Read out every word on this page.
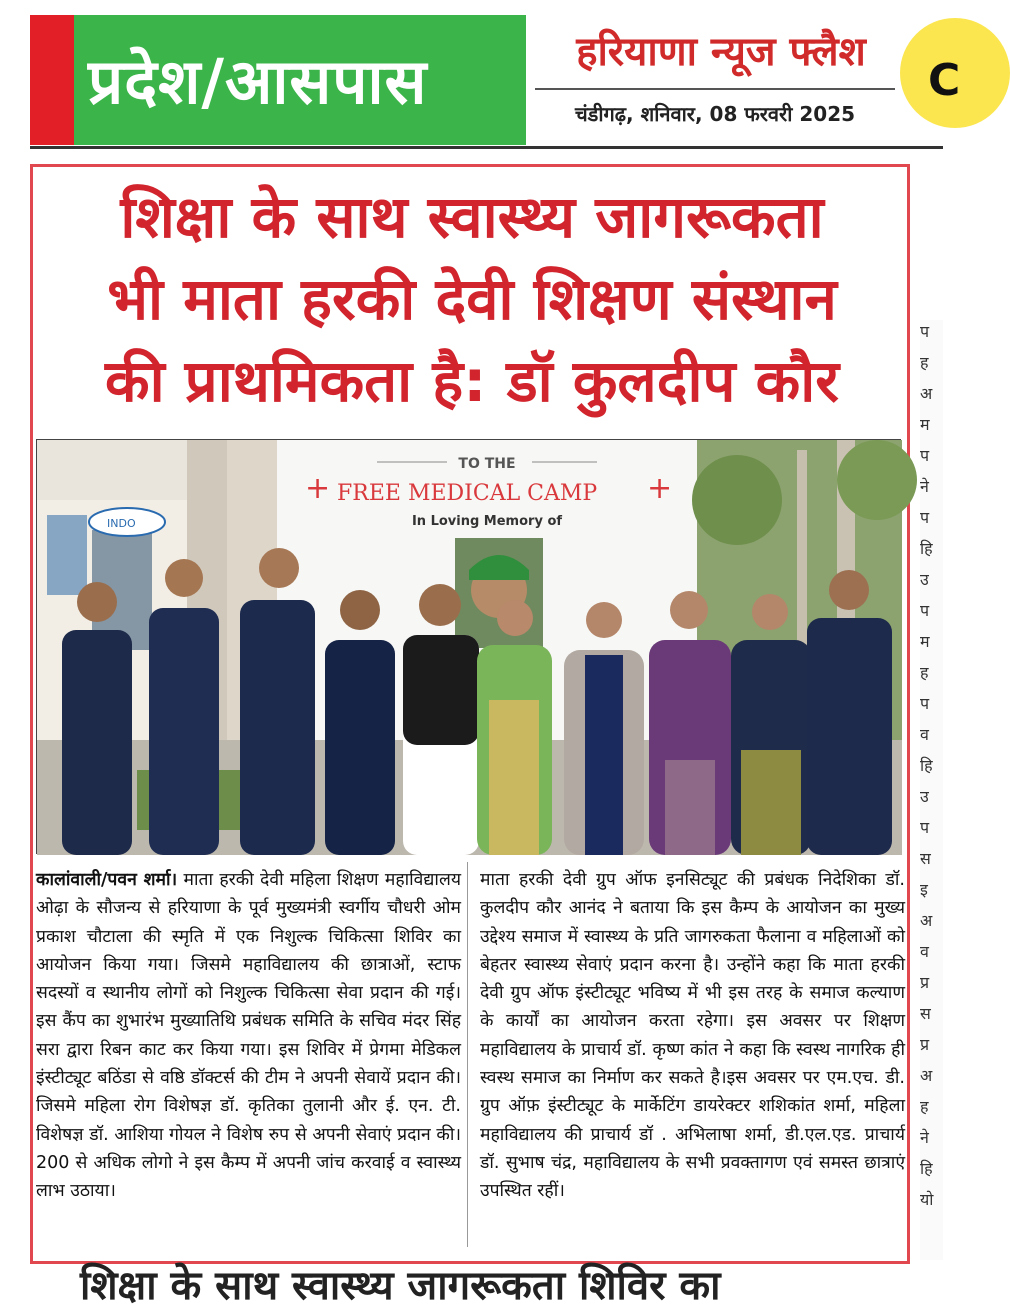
प्रदेश/आसपास	हरियाणा न्यूज फ्लैश
चंडीगढ़, शनिवार, 08 फरवरी 2025
C
शिक्षा के साथ स्वास्थ्य जागरूकता
भी माता हरकी देवी शिक्षण संस्थान
की प्राथमिकता है: डॉ कुलदीप कौर
INDO
TO THE
+ FREE MEDICAL CAMP +
In Loving Memory of
कालांवाली/पवन शर्मा। माता हरकी देवी महिला शिक्षण महाविद्यालय ओढ़ा के सौजन्य से हरियाणा के पूर्व मुख्यमंत्री स्वर्गीय चौधरी ओम प्रकाश चौटाला की स्मृति में एक निशुल्क चिकित्सा शिविर का आयोजन किया गया। जिसमे महाविद्यालय की छात्राओं, स्टाफ सदस्यों व स्थानीय लोगों को निशुल्क चिकित्सा सेवा प्रदान की गई। इस कैंप का शुभारंभ मुख्यातिथि प्रबंधक समिति के सचिव मंदर सिंह सरा द्वारा रिबन काट कर किया गया। इस शिविर में प्रेगमा मेडिकल इंस्टीट्यूट बठिंडा से वष्ठि डॉक्टर्स की टीम ने अपनी सेवायें प्रदान की। जिसमे महिला रोग विशेषज्ञ डॉ. कृतिका तुलानी और ई. एन. टी. विशेषज्ञ डॉ. आशिया गोयल ने विशेष रुप से अपनी सेवाएं प्रदान की। 200 से अधिक लोगो ने इस कैम्प में अपनी जांच करवाई व स्वास्थ्य लाभ उठाया।
माता हरकी देवी ग्रुप ऑफ इनसिट्यूट की प्रबंधक निदेशिका डॉ. कुलदीप कौर आनंद ने बताया कि इस कैम्प के आयोजन का मुख्य उद्देश्य समाज में स्वास्थ्य के प्रति जागरुकता फैलाना व महिलाओं को बेहतर स्वास्थ्य सेवाएं प्रदान करना है। उन्होंने कहा कि माता हरकी देवी ग्रुप ऑफ इंस्टीट्यूट भविष्य में भी इस तरह के समाज कल्याण के कार्यों का आयोजन करता रहेगा। इस अवसर पर शिक्षण महाविद्यालय के प्राचार्य डॉ. कृष्ण कांत ने कहा कि स्वस्थ नागरिक ही स्वस्थ समाज का निर्माण कर सकते है।इस अवसर पर एम.एच. डी. ग्रुप ऑफ़ इंस्टीट्यूट के मार्केटिंग डायरेक्टर शशिकांत शर्मा, महिला महाविद्यालय की प्राचार्य डॉ . अभिलाषा शर्मा, डी.एल.एड. प्राचार्य डॉ. सुभाष चंद्र, महाविद्यालय के सभी प्रवक्तागण एवं समस्त छात्राएं उपस्थित रहीं।
प
ह
अ
म
प
ने
प
हि
उ
प
म
ह
प
व
हि
उ
प
स
इ
अ
व
प्र
स
प्र
अ
ह
ने
हि
यो
शिक्षा के साथ स्वास्थ्य जागरूकता शिविर का
